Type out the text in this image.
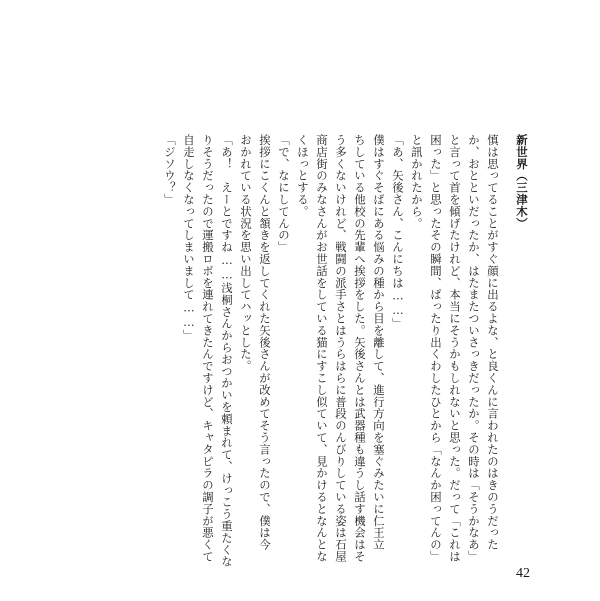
新世界（三津木）
慎は思ってることがすぐ顔に出るよな、と良くんに言われたのはきのうだった
か、おとといだったか、はたまたついさっきだったか。その時は「そうかなあ」
と言って首を傾げたけれど、本当にそうかもしれないと思った。だって「これは
困った」と思ったその瞬間、ぱったり出くわしたひとから「なんか困ってんの」
と訊かれたから。
「あ、矢後さん、こんにちは……」
僕はすぐそばにある悩みの種から目を離して、進行方向を塞ぐみたいに仁王立
ちしている他校の先輩へ挨拶をした。矢後さんとは武器種も違うし話す機会はそ
う多くないけれど、戦闘の派手さとはうらはらに普段のんびりしている姿は石屋
商店街のみなさんがお世話をしている猫にすこし似ていて、見かけるとなんとな
くほっとする。
「で、なにしてんの」
挨拶にこくんと頷きを返してくれた矢後さんが改めてそう言ったので、僕は今
おかれている状況を思い出してハッとした。
「あ！　えーとですね……浅桐さんからおつかいを頼まれて、けっこう重たくな
りそうだったので運搬ロボを連れてきたんですけど、キャタピラの調子が悪くて
自走しなくなってしまいまして……」
「ジソウ？」
42
